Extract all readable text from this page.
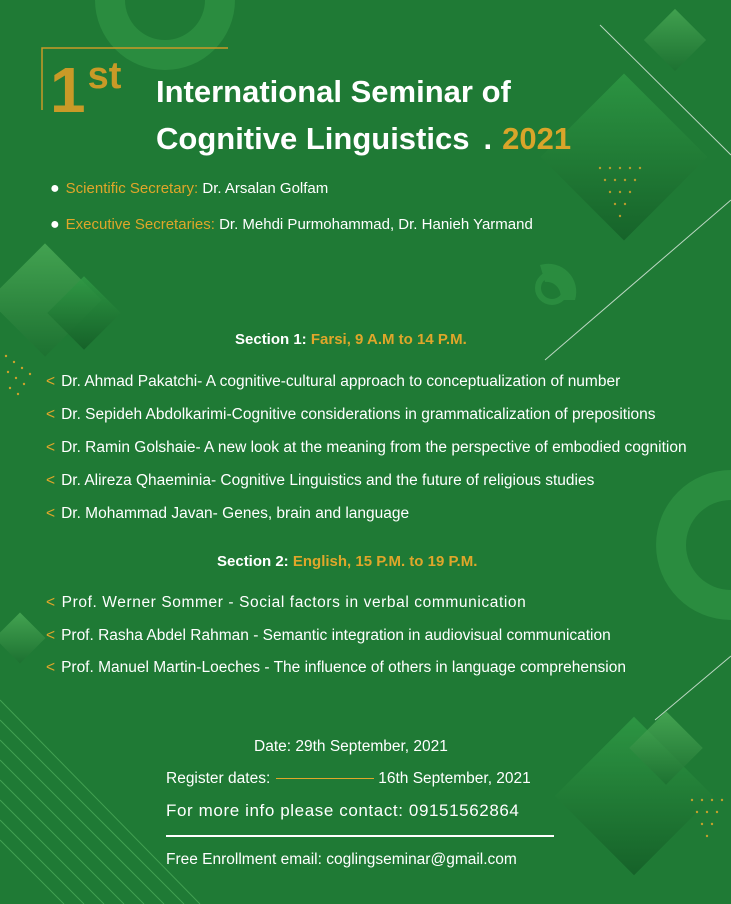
1st International Seminar of
Cognitive Linguistics . 2021
● Scientific Secretary: Dr. Arsalan Golfam
● Executive Secretaries: Dr. Mehdi Purmohammad, Dr. Hanieh Yarmand
Section 1: Farsi, 9 A.M to 14 P.M.
< Dr. Ahmad Pakatchi- A cognitive-cultural approach to conceptualization of number
< Dr. Sepideh Abdolkarimi-Cognitive considerations in grammaticalization of prepositions
< Dr. Ramin Golshaie- A new look at the meaning from the perspective of embodied cognition
< Dr. Alireza Qhaeminia- Cognitive Linguistics and the future of religious studies
< Dr. Mohammad Javan- Genes, brain and language
Section 2: English, 15 P.M. to 19 P.M.
< Prof. Werner Sommer - Social factors in verbal communication
< Prof. Rasha Abdel Rahman - Semantic integration in audiovisual communication
< Prof. Manuel Martin-Loeches - The influence of others in language comprehension
Date: 29th September, 2021
Register dates:	16th September, 2021
For more info please contact: 09151562864
Free Enrollment email: coglingseminar@gmail.com
